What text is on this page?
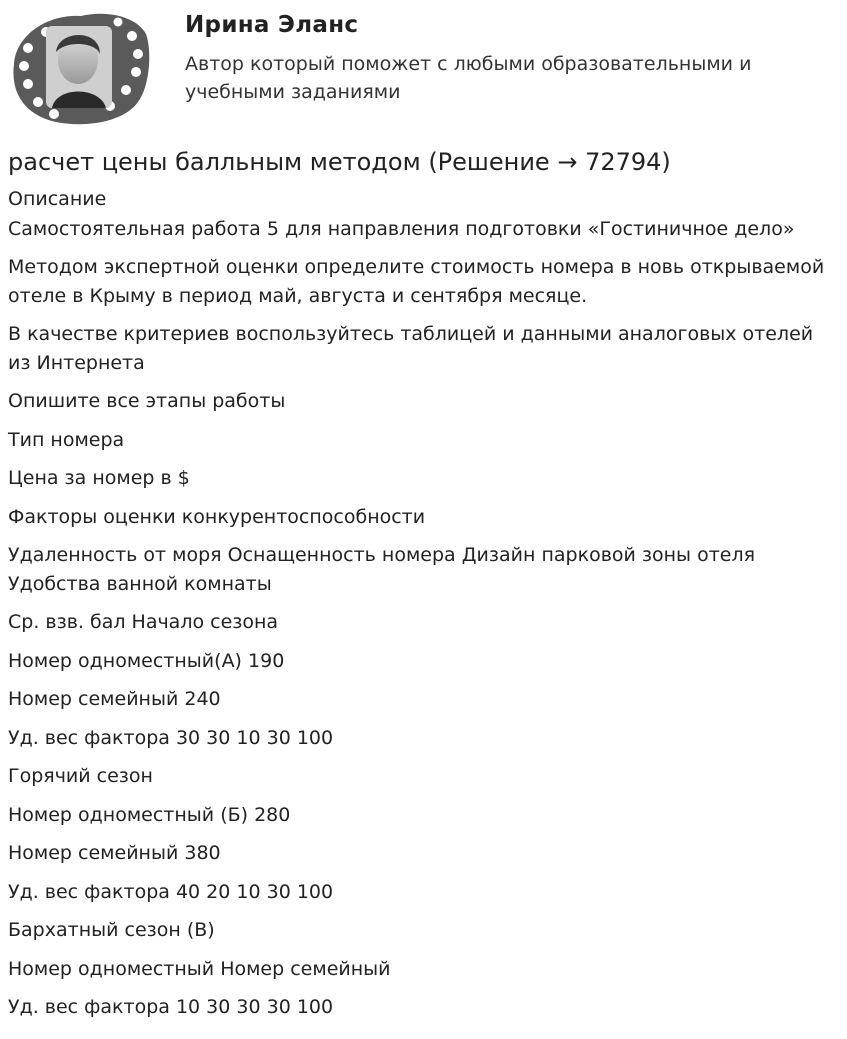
Ирина Эланс
Автор который поможет с любыми образовательными и учебными заданиями
расчет цены балльным методом (Решение → 72794)
Описание
Самостоятельная работа 5 для направления подготовки «Гостиничное дело»
Методом экспертной оценки определите стоимость номера в новь открываемой отеле в Крыму в период май, августа и сентября месяце.
В качестве критериев воспользуйтесь таблицей и данными аналоговых отелей из Интернета
Опишите все этапы работы
Тип номера
Цена за номер в $
Факторы оценки конкурентоспособности
Удаленность от моря Оснащенность номера Дизайн парковой зоны отеля Удобства ванной комнаты
Ср. взв. бал Начало сезона
Номер одноместный(А) 190
Номер семейный 240
Уд. вес фактора 30 30 10 30 100
Горячий сезон
Номер одноместный (Б) 280
Номер семейный 380
Уд. вес фактора 40 20 10 30 100
Бархатный сезон (В)
Номер одноместный Номер семейный
Уд. вес фактора 10 30 30 30 100
